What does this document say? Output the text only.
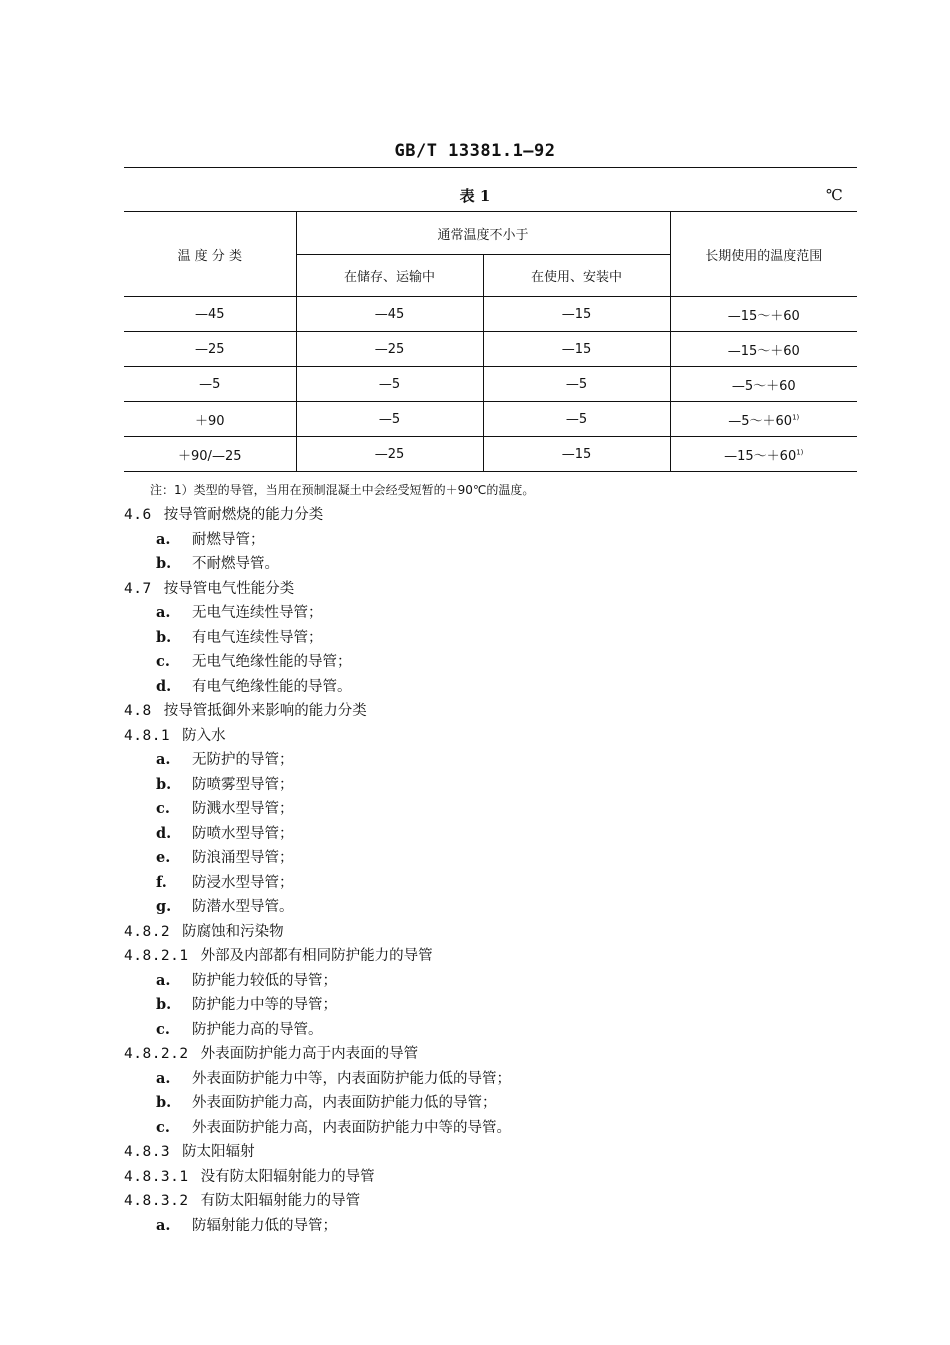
GB/T 13381.1—92
表 1	℃
温 度 分 类	通常温度不小于		长期使用的温度范围
	在储存、运输中	在使用、安装中	
—45	—45	—15	—15～＋60
—25	—25	—15	—15～＋60
—5	—5	—5	—5～＋60
＋90	—5	—5	$—5\sim+60^{1)}$
＋90/—25	—25	—15	$—15\sim+60^{1)}$
注：1）类型的导管，当用在预制混凝土中会经受短暂的＋90℃的温度。
4.6 按导管耐燃烧的能力分类
a. 耐燃导管；
b. 不耐燃导管。
4.7 按导管电气性能分类
a. 无电气连续性导管；
b. 有电气连续性导管；
c. 无电气绝缘性能的导管；
d. 有电气绝缘性能的导管。
4.8 按导管抵御外来影响的能力分类
4.8.1 防入水
a. 无防护的导管；
b. 防喷雾型导管；
c. 防溅水型导管；
d. 防喷水型导管；
e. 防浪涌型导管；
f. 防浸水型导管；
g. 防潜水型导管。
4.8.2 防腐蚀和污染物
4.8.2.1 外部及内部都有相同防护能力的导管
a. 防护能力较低的导管；
b. 防护能力中等的导管；
c. 防护能力高的导管。
4.8.2.2 外表面防护能力高于内表面的导管
a. 外表面防护能力中等，内表面防护能力低的导管；
b. 外表面防护能力高，内表面防护能力低的导管；
c. 外表面防护能力高，内表面防护能力中等的导管。
4.8.3 防太阳辐射
4.8.3.1 没有防太阳辐射能力的导管
4.8.3.2 有防太阳辐射能力的导管
a. 防辐射能力低的导管；
